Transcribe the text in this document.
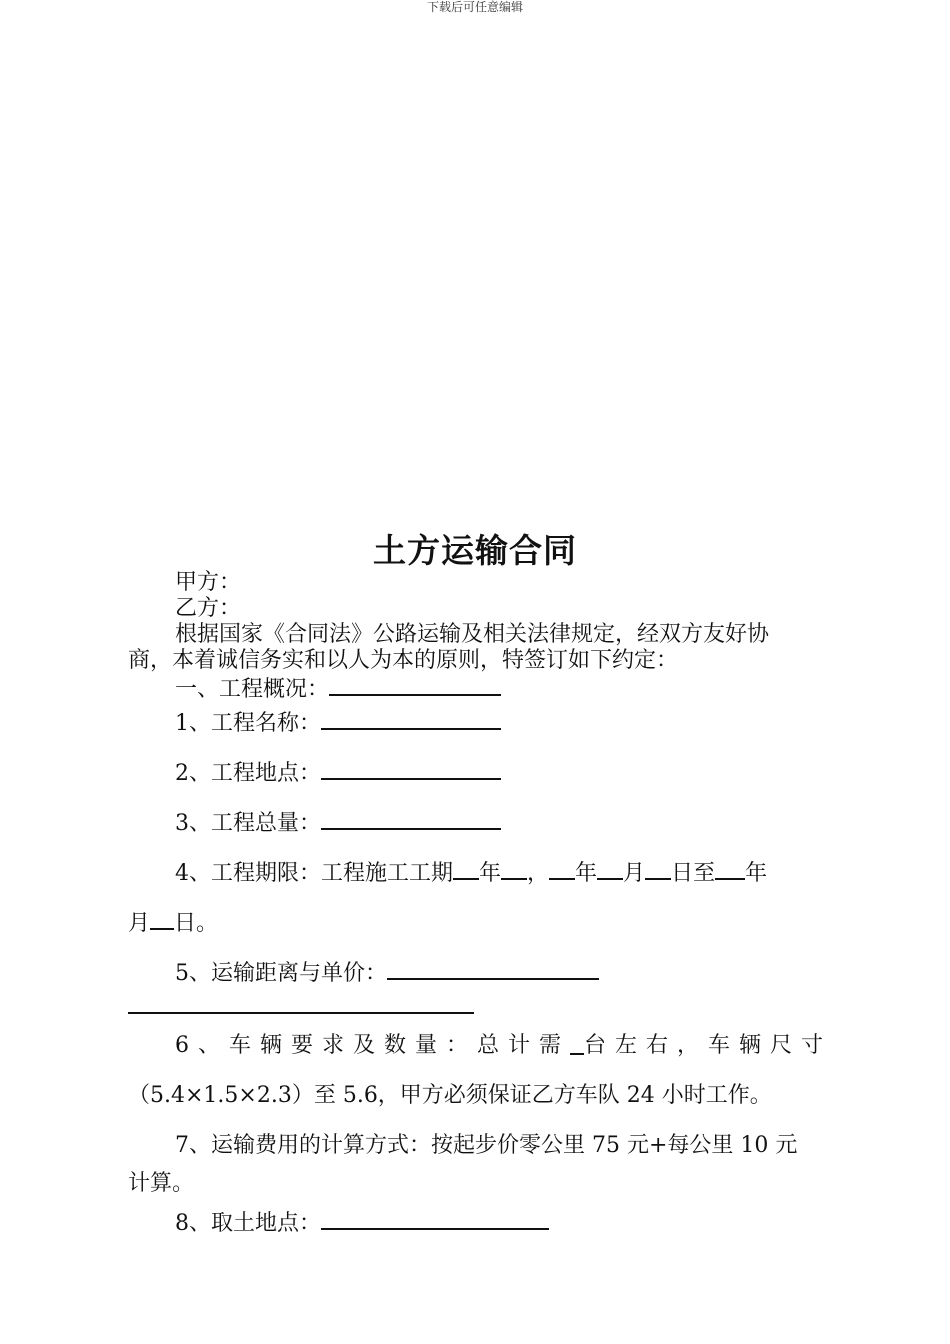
下载后可任意编辑
土方运输合同
甲方：
乙方：
根据国家《合同法》公路运输及相关法律规定，经双方友好协
商，本着诚信务实和以人为本的原则，特签订如下约定：
一、工程概况：
1、工程名称：
2、工程地点：
3、工程总量：
4、工程期限：工程施工工期 年 ， 年 月 日至 年
月 日。
5、运输距离与单价：
6、车辆要求及数量：总计需 台左右，车辆尺寸
（5.4×1.5×2.3）至 5.6，甲方必须保证乙方车队 24 小时工作。
7、运输费用的计算方式：按起步价零公里 75 元+每公里 10 元
计算。
8、取土地点：
